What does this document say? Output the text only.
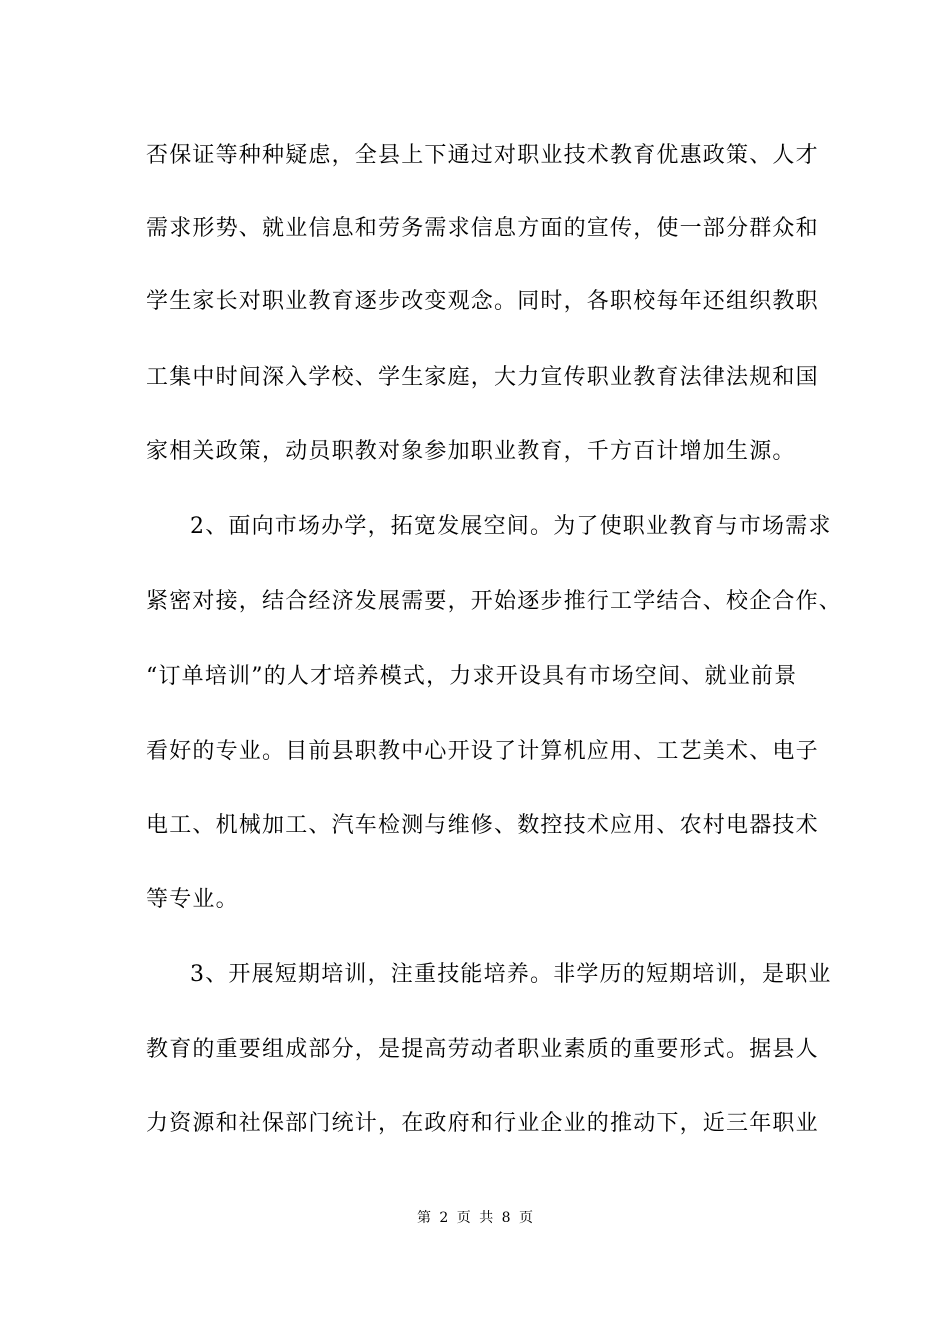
否保证等种种疑虑，全县上下通过对职业技术教育优惠政策、人才
需求形势、就业信息和劳务需求信息方面的宣传，使一部分群众和
学生家长对职业教育逐步改变观念。同时，各职校每年还组织教职
工集中时间深入学校、学生家庭，大力宣传职业教育法律法规和国
家相关政策，动员职教对象参加职业教育，千方百计增加生源。
2、面向市场办学，拓宽发展空间。为了使职业教育与市场需求
紧密对接，结合经济发展需要，开始逐步推行工学结合、校企合作、
“订单培训”的人才培养模式，力求开设具有市场空间、就业前景
看好的专业。目前县职教中心开设了计算机应用、工艺美术、电子
电工、机械加工、汽车检测与维修、数控技术应用、农村电器技术
等专业。
3、开展短期培训，注重技能培养。非学历的短期培训，是职业
教育的重要组成部分，是提高劳动者职业素质的重要形式。据县人
力资源和社保部门统计，在政府和行业企业的推动下，近三年职业
第 2 页 共 8 页
